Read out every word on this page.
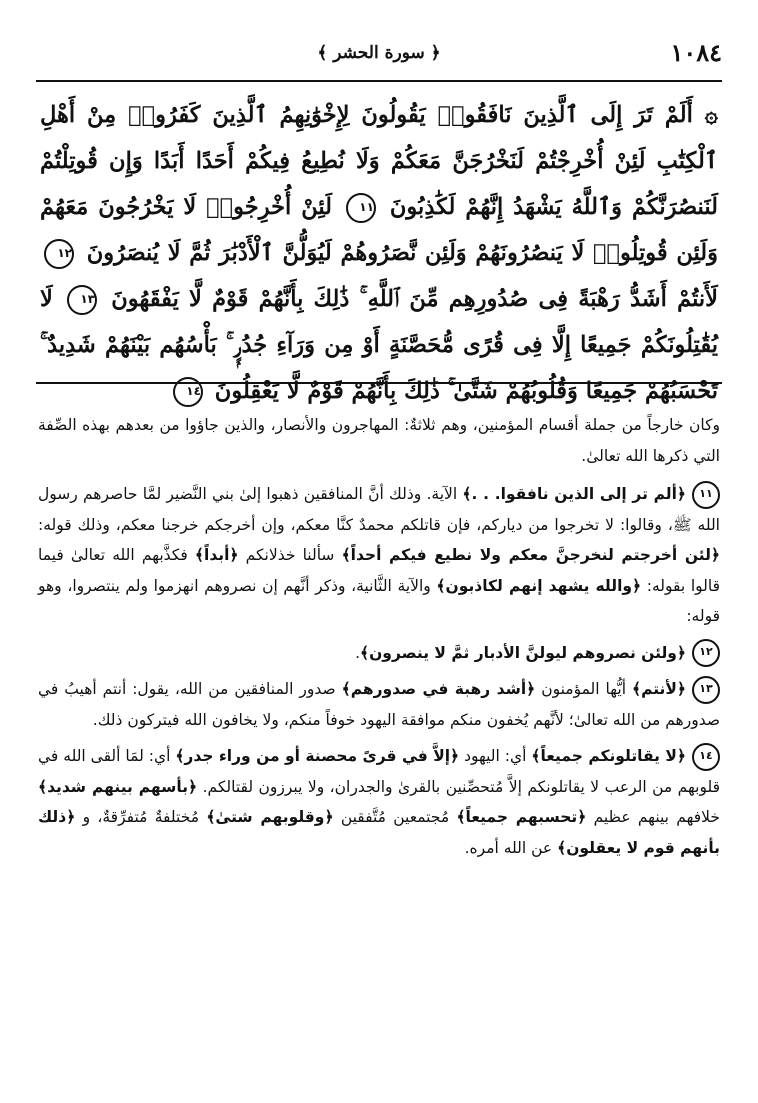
١٠٨٤
﴿ سورة الحشر ﴾
۞ أَلَمْ تَرَ إِلَى ٱلَّذِينَ نَافَقُوا۟ يَقُولُونَ لِإِخْوَٰنِهِمُ ٱلَّذِينَ كَفَرُوا۟ مِنْ أَهْلِ ٱلْكِتَٰبِ لَئِنْ أُخْرِجْتُمْ لَنَخْرُجَنَّ مَعَكُمْ وَلَا نُطِيعُ فِيكُمْ أَحَدًا أَبَدًا وَإِن قُوتِلْتُمْ لَنَنصُرَنَّكُمْ وَٱللَّهُ يَشْهَدُ إِنَّهُمْ لَكَٰذِبُونَ ١١ لَئِنْ أُخْرِجُوا۟ لَا يَخْرُجُونَ مَعَهُمْ وَلَئِن قُوتِلُوا۟ لَا يَنصُرُونَهُمْ وَلَئِن نَّصَرُوهُمْ لَيُوَلُّنَّ ٱلْأَدْبَٰرَ ثُمَّ لَا يُنصَرُونَ ١٢ لَأَنتُمْ أَشَدُّ رَهْبَةً فِى صُدُورِهِم مِّنَ ٱللَّهِ ۚ ذَٰلِكَ بِأَنَّهُمْ قَوْمٌ لَّا يَفْقَهُونَ ١٣ لَا يُقَٰتِلُونَكُمْ جَمِيعًا إِلَّا فِى قُرًى مُّحَصَّنَةٍ أَوْ مِن وَرَآءِ جُدُرٍۭ ۚ بَأْسُهُم بَيْنَهُمْ شَدِيدٌ ۚ تَحْسَبُهُمْ جَمِيعًا وَقُلُوبُهُمْ شَتَّىٰ ۚ ذَٰلِكَ بِأَنَّهُمْ قَوْمٌ لَّا يَعْقِلُونَ ١٤

وكان خارجاً من جملة أقسام المؤمنين، وهم ثلاثةٌ: المهاجرون والأنصار، والذين جاؤوا من بعدهم بهذه الصِّفة التي ذكرها الله تعالىٰ.

١١﴿ألم تر إلى الذين نافقوا. . .﴾ الآية. وذلك أنَّ المنافقين ذهبوا إلىٰ بني النَّضير لمَّا حاصرهم رسول الله ﷺ، وقالوا: لا تخرجوا من دياركم، فإن قاتلكم محمدٌ كنَّا معكم، وإن أخرجكم خرجنا معكم، وذلك قوله: ﴿لئن أخرجتم لنخرجنَّ معكم ولا نطيع فيكم أحداً﴾ سألنا خذلانكم ﴿أبداً﴾ فكذَّبهم الله تعالىٰ فيما قالوا بقوله: ﴿والله يشهد إنهم لكاذبون﴾ والآية الثَّانية، وذكر أنَّهم إن نصروهم انهزموا ولم ينتصروا، وهو قوله:

١٢﴿ولئن نصروهم ليولنَّ الأدبار ثمَّ لا ينصرون﴾.

١٣﴿لأنتم﴾ أيُّها المؤمنون ﴿أشد رهبة في صدورهم﴾ صدور المنافقين من الله، يقول: أنتم أهيبُ في صدورهم من الله تعالىٰ؛ لأنَّهم يُخفون منكم موافقة اليهود خوفاً منكم، ولا يخافون الله فيتركون ذلك.

١٤﴿لا يقاتلونكم جميعاً﴾ أي: اليهود ﴿إلاَّ في قرىً محصنة أو من وراء جدر﴾ أي: لمَا ألقى الله في قلوبهم من الرعب لا يقاتلونكم إلاَّ مُتحصِّنين بالقرىٰ والجدران، ولا يبرزون لقتالكم. ﴿بأسهم بينهم شديد﴾ خلافهم بينهم عظيم ﴿تحسبهم جميعاً﴾ مُجتمعين مُتَّفقين ﴿وقلوبهم شتىٰ﴾ مُختلفةٌ مُتفرِّقةٌ، و ﴿ذلك بأنهم قوم لا يعقلون﴾ عن الله أمره.
